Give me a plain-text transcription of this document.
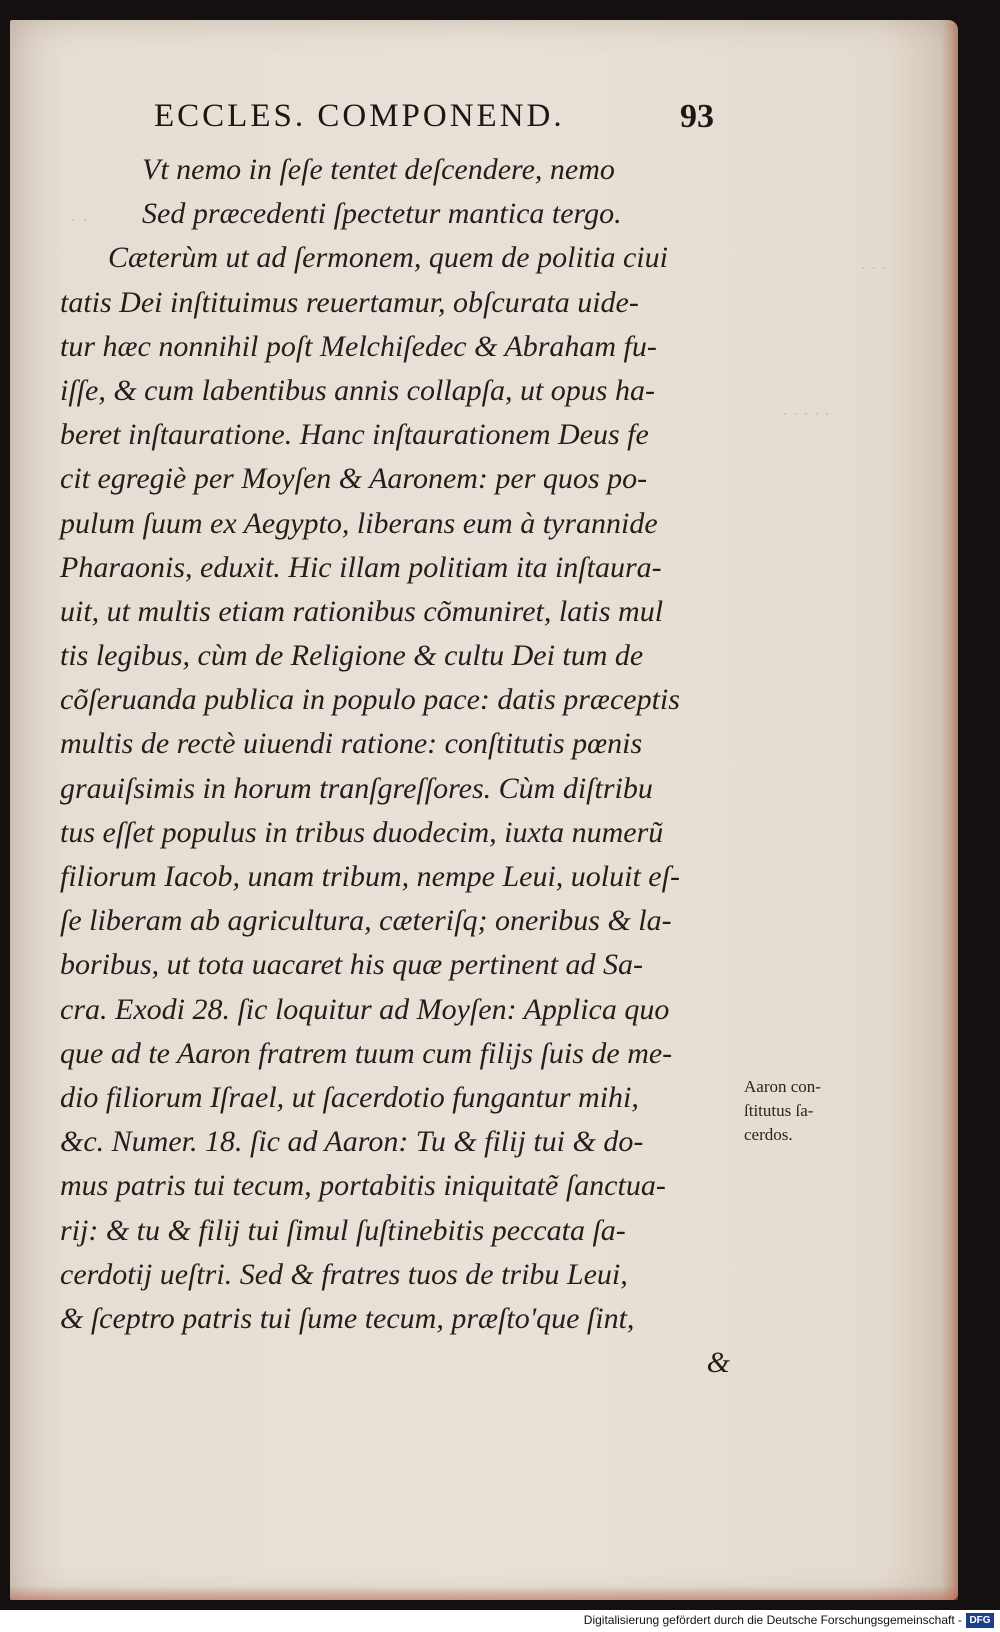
· · ·
· · · · ·
· ·
ECCLES. COMPONEND.	93
Vt nemo in ſeſe tentet deſcendere, nemo
Sed præcedenti ſpectetur mantica tergo.
Cæterùm ut ad ſermonem, quem de politia ciui
tatis Dei inſtituimus reuertamur, obſcurata uide-
tur hæc nonnihil poſt Melchiſedec & Abraham fu-
iſſe, & cum labentibus annis collapſa, ut opus ha-
beret inſtauratione. Hanc inſtaurationem Deus fe
cit egregiè per Moyſen & Aaronem: per quos po-
pulum ſuum ex Aegypto, liberans eum à tyrannide
Pharaonis, eduxit. Hic illam politiam ita inſtaura-
uit, ut multis etiam rationibus cõmuniret, latis mul
tis legibus, cùm de Religione & cultu Dei tum de
cõſeruanda publica in populo pace: datis præceptis
multis de rectè uiuendi ratione: conſtitutis pœnis
grauiſsimis in horum tranſgreſſores. Cùm diſtribu
tus eſſet populus in tribus duodecim, iuxta numerũ
filiorum Iacob, unam tribum, nempe Leui, uoluit eſ-
ſe liberam ab agricultura, cæteriſq; oneribus & la-
boribus, ut tota uacaret his quæ pertinent ad Sa-
cra. Exodi 28. ſic loquitur ad Moyſen: Applica quo
que ad te Aaron fratrem tuum cum filijs ſuis de me-
dio filiorum Iſrael, ut ſacerdotio fungantur mihi,
&c. Numer. 18. ſic ad Aaron: Tu & filij tui & do-
mus patris tui tecum, portabitis iniquitatẽ ſanctua-
rij: & tu & filij tui ſimul ſuſtinebitis peccata ſa-
cerdotij ueſtri. Sed & fratres tuos de tribu Leui,
& ſceptro patris tui ſume tecum, præſto'que ſint,
&
Aaron con-
ſtitutus ſa-
cerdos.
Digitalisierung gefördert durch die Deutsche Forschungsgemeinschaft - DFG
